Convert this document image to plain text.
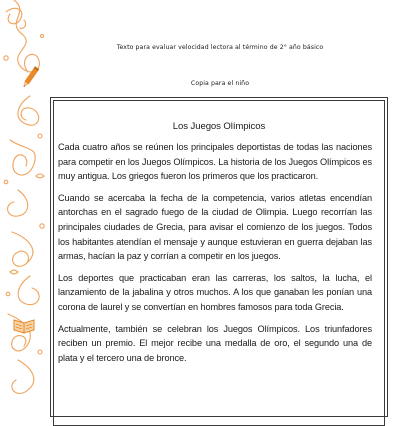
Texto para evaluar velocidad lectora al término de 2° año básico
Copia para el niño
Los Juegos Olímpicos

Cada cuatro años se reúnen los principales deportistas de todas las naciones para competir en los Juegos Olímpicos. La historia de los Juegos Olímpicos es muy antigua. Los griegos fueron los primeros que los practicaron.

Cuando se acercaba la fecha de la competencia, varios atletas encendían antorchas en el sagrado fuego de la ciudad de Olimpia. Luego recorrían las principales ciudades de Grecia, para avisar el comienzo de los juegos. Todos los habitantes atendían el mensaje y aunque estuvieran en guerra dejaban las armas, hacían la paz y corrían a competir en los juegos.

Los deportes que practicaban eran las carreras, los saltos, la lucha, el lanzamiento de la jabalina y otros muchos. A los que ganaban les ponían una corona de laurel y se convertían en hombres famosos para toda Grecia.

Actualmente, también se celebran los Juegos Olímpicos. Los triunfadores reciben un premio. El mejor recibe una medalla de oro, el segundo una de plata y el tercero una de bronce.
